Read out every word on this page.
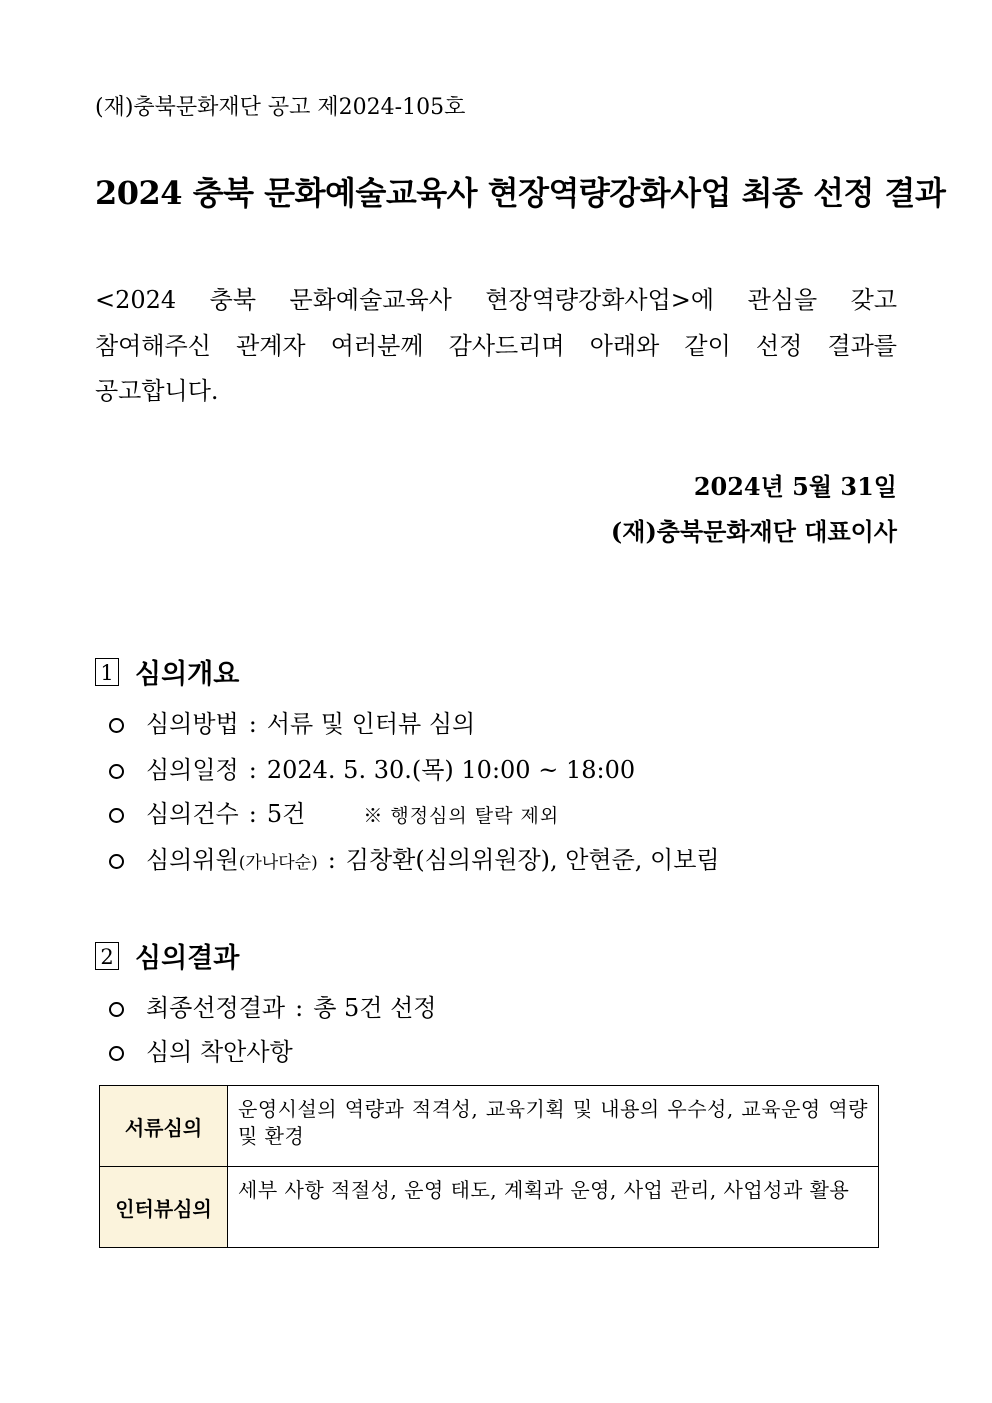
(재)충북문화재단 공고 제2024-105호
2024 충북 문화예술교육사 현장역량강화사업 최종 선정 결과
<2024 충북 문화예술교육사 현장역량강화사업>에 관심을 갖고
참여해주신 관계자 여러분께 감사드리며 아래와 같이 선정 결과를
공고합니다.
2024년 5월 31일
(재)충북문화재단 대표이사
1 심의개요
심의방법 : 서류 및 인터뷰 심의
심의일정 : 2024. 5. 30.(목) 10:00 ~ 18:00
심의건수 : 5건	※ 행정심의 탈락 제외
심의위원 (가나다순) : 김창환(심의위원장), 안현준, 이보림
2 심의결과
최종선정결과 : 총 5건 선정
심의 착안사항
서류심의	운영시설의 역량과 적격성, 교육기획 및 내용의 우수성, 교육운영 역량 및 환경
인터뷰심의	세부 사항 적절성, 운영 태도, 계획과 운영, 사업 관리, 사업성과 활용
